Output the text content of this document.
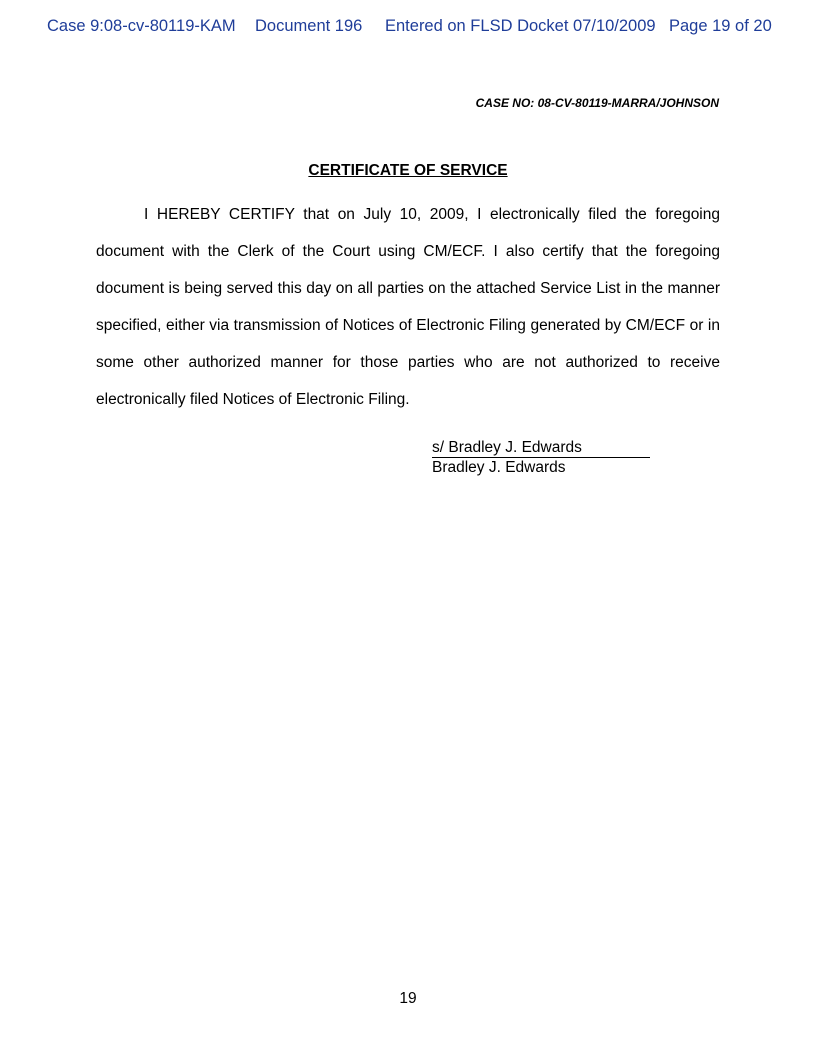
Case 9:08-cv-80119-KAM Document 196 Entered on FLSD Docket 07/10/2009 Page 19 of 20
CASE NO: 08-CV-80119-MARRA/JOHNSON
CERTIFICATE OF SERVICE

I HEREBY CERTIFY that on July 10, 2009, I electronically filed the foregoing document with the Clerk of the Court using CM/ECF. I also certify that the foregoing document is being served this day on all parties on the attached Service List in the manner specified, either via transmission of Notices of Electronic Filing generated by CM/ECF or in some other authorized manner for those parties who are not authorized to receive electronically filed Notices of Electronic Filing.

s/ Bradley J. Edwards
Bradley J. Edwards
19
